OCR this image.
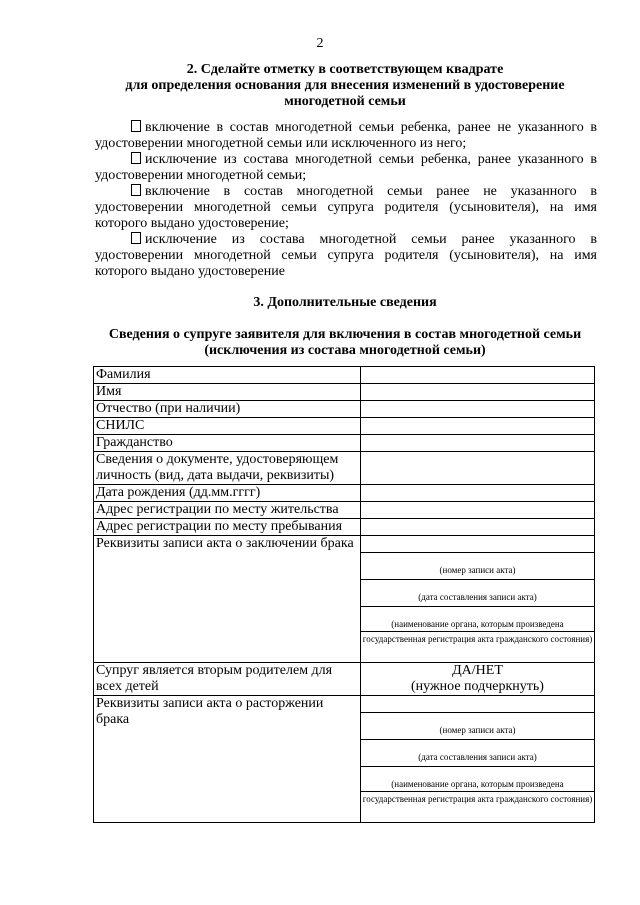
2
2. Сделайте отметку в соответствующем квадрате
для определения основания для внесения изменений в удостоверение
многодетной семьи

включение в состав многодетной семьи ребенка, ранее не указанного в удостоверении многодетной семьи или исключенного из него;

исключение из состава многодетной семьи ребенка, ранее указанного в удостоверении многодетной семьи;

включение в состав многодетной семьи ранее не указанного в удостоверении многодетной семьи супруга родителя (усыновителя), на имя которого выдано удостоверение;

исключение из состава многодетной семьи ранее указанного в удостоверении многодетной семьи супруга родителя (усыновителя), на имя которого выдано удостоверение

3. Дополнительные сведения
Сведения о супруге заявителя для включения в состав многодетной семьи
(исключения из состава многодетной семьи)
Фамилия	
Имя	
Отчество (при наличии)	
СНИЛС	
Гражданство	
Сведения о документе, удостоверяющем личность (вид, дата выдачи, реквизиты)	
Дата рождения (дд.мм.гггг)	
Адрес регистрации по месту жительства	
Адрес регистрации по месту пребывания	
Реквизиты записи акта о заключении брака	(номер записи акта)
(дата составления записи акта)
(наименование органа, которым произведена
государственная регистрация акта гражданского состояния)

Супруг является вторым родителем для всех детей	ДА/НЕТ
(нужное подчеркнуть)

Реквизиты записи акта о расторжении брака	(номер записи акта)
(дата составления записи акта)
(наименование органа, которым произведена
государственная регистрация акта гражданского состояния)
